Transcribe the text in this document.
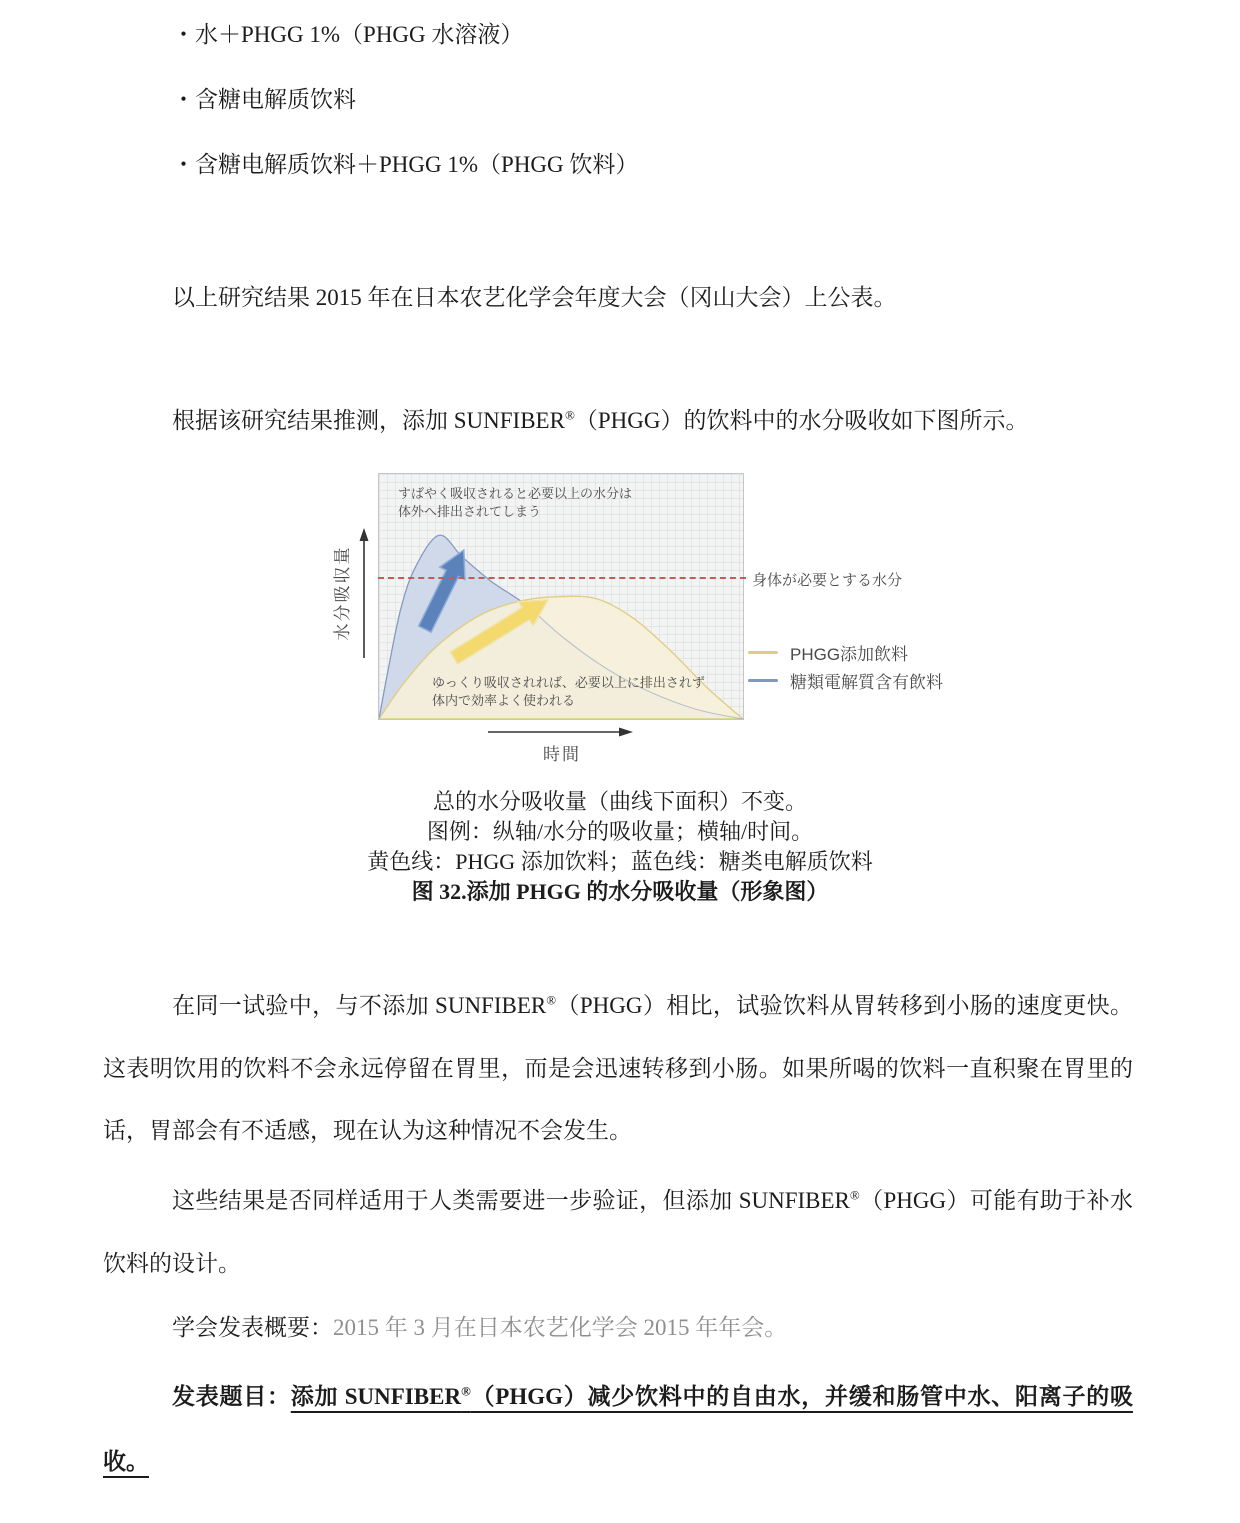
・水＋PHGG 1%（PHGG 水溶液）
・含糖电解质饮料
・含糖电解质饮料＋PHGG 1%（PHGG 饮料）
以上研究结果 2015 年在日本农艺化学会年度大会（冈山大会）上公表。
根据该研究结果推测，添加 SUNFIBER®（PHGG）的饮料中的水分吸收如下图所示。
水分吸収量	身体が必要とする水分
すばやく吸収されると必要以上の水分は
体外へ排出されてしまう
ゆっくり吸収されれば、必要以上に排出されず
体内で効率よく使われる
PHGG添加飲料
糖類電解質含有飲料
時間
总的水分吸收量（曲线下面积）不变。
图例：纵轴/水分的吸收量；横轴/时间。
黄色线：PHGG 添加饮料；蓝色线：糖类电解质饮料
图 32.添加 PHGG 的水分吸收量（形象图）
在同一试验中，与不添加 SUNFIBER®（PHGG）相比，试验饮料从胃转移到小肠的速度更快。这表明饮用的饮料不会永远停留在胃里，而是会迅速转移到小肠。如果所喝的饮料一直积聚在胃里的话，胃部会有不适感，现在认为这种情况不会发生。
这些结果是否同样适用于人类需要进一步验证，但添加 SUNFIBER®（PHGG）可能有助于补水饮料的设计。
学会发表概要：2015 年 3 月在日本农艺化学会 2015 年年会。
发表题目：添加 SUNFIBER®（PHGG）减少饮料中的自由水，并缓和肠管中水、阳离子的吸收。
